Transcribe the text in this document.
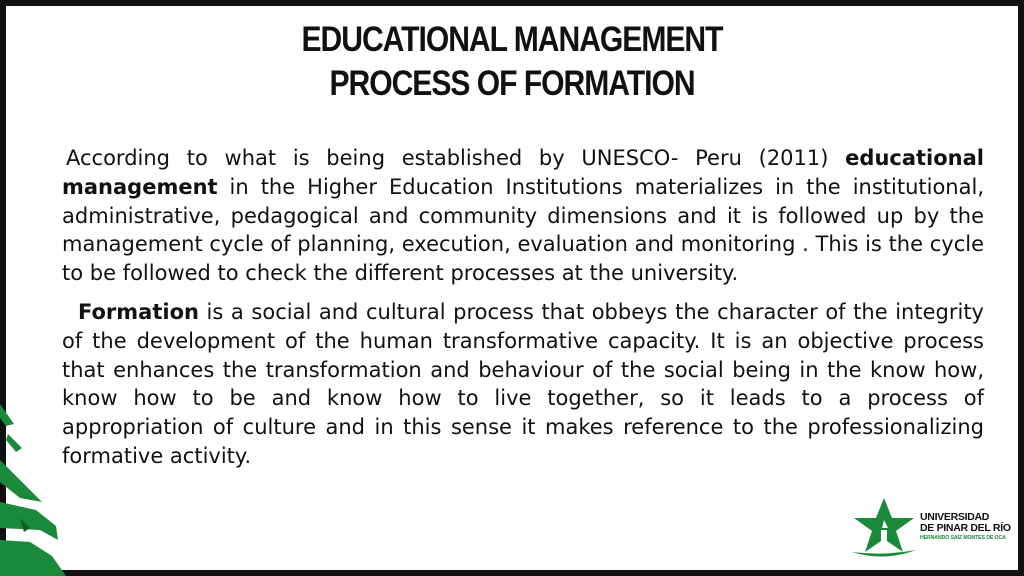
EDUCATIONAL MANAGEMENT
PROCESS OF FORMATION

According to what is being established by UNESCO- Peru (2011) educational management in the Higher Education Institutions materializes in the institutional, administrative, pedagogical and community dimensions and it is followed up by the management cycle of planning, execution, evaluation and monitoring . This is the cycle to be followed to check the different processes at the university.

Formation is a social and cultural process that obbeys the character of the integrity of the development of the human transformative capacity. It is an objective process that enhances the transformation and behaviour of the social being in the know how, know how to be and know how to live together, so it leads to a process of appropriation of culture and in this sense it makes reference to the professionalizing formative activity.

UNIVERSIDAD
DE PINAR DEL RÍO
HERNANDO SAÍZ MONTES DE OCA
